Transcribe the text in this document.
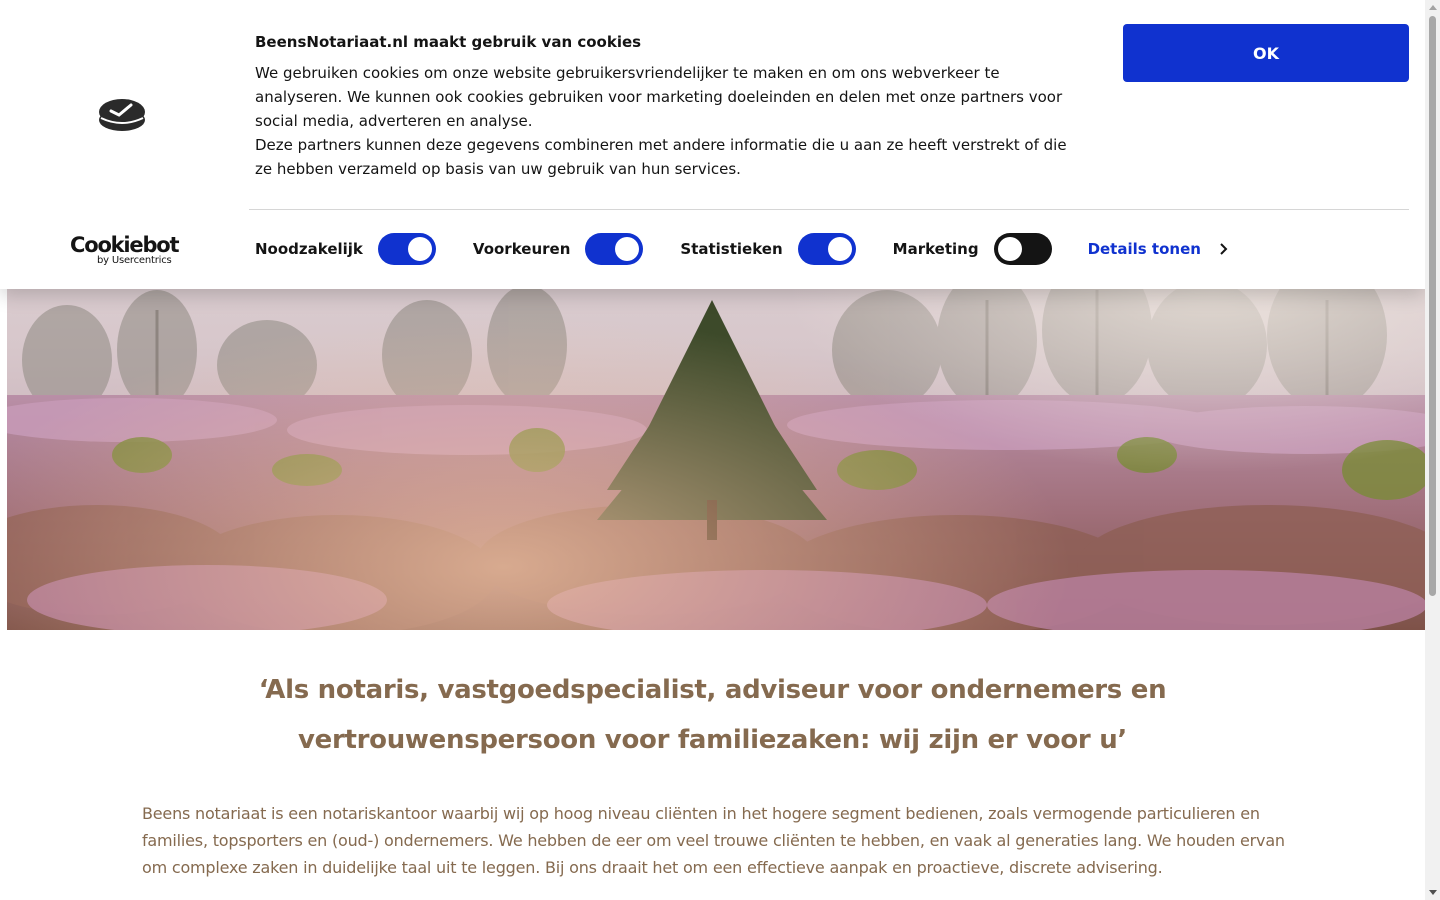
Cookiebot
by Usercentrics
BeensNotariaat.nl maakt gebruik van cookies

We gebruiken cookies om onze website gebruikersvriendelijker te maken en om ons webverkeer te analyseren. We kunnen ook cookies gebruiken voor marketing doeleinden en delen met onze partners voor social media, adverteren en analyse.

Deze partners kunnen deze gegevens combineren met andere informatie die u aan ze heeft verstrekt of die ze hebben verzameld op basis van uw gebruik van hun services.

OK
Noodzakelijk	Voorkeuren	Statistieken	Marketing	Details tonen
‘Als notaris, vastgoedspecialist, adviseur voor ondernemers en
vertrouwenspersoon voor familiezaken: wij zijn er voor u’

Beens notariaat is een notariskantoor waarbij wij op hoog niveau cliënten in het hogere segment bedienen, zoals vermogende particulieren en families, topsporters en (oud-) ondernemers. We hebben de eer om veel trouwe cliënten te hebben, en vaak al generaties lang. We houden ervan om complexe zaken in duidelijke taal uit te leggen. Bij ons draait het om een effectieve aanpak en proactieve, discrete advisering.
